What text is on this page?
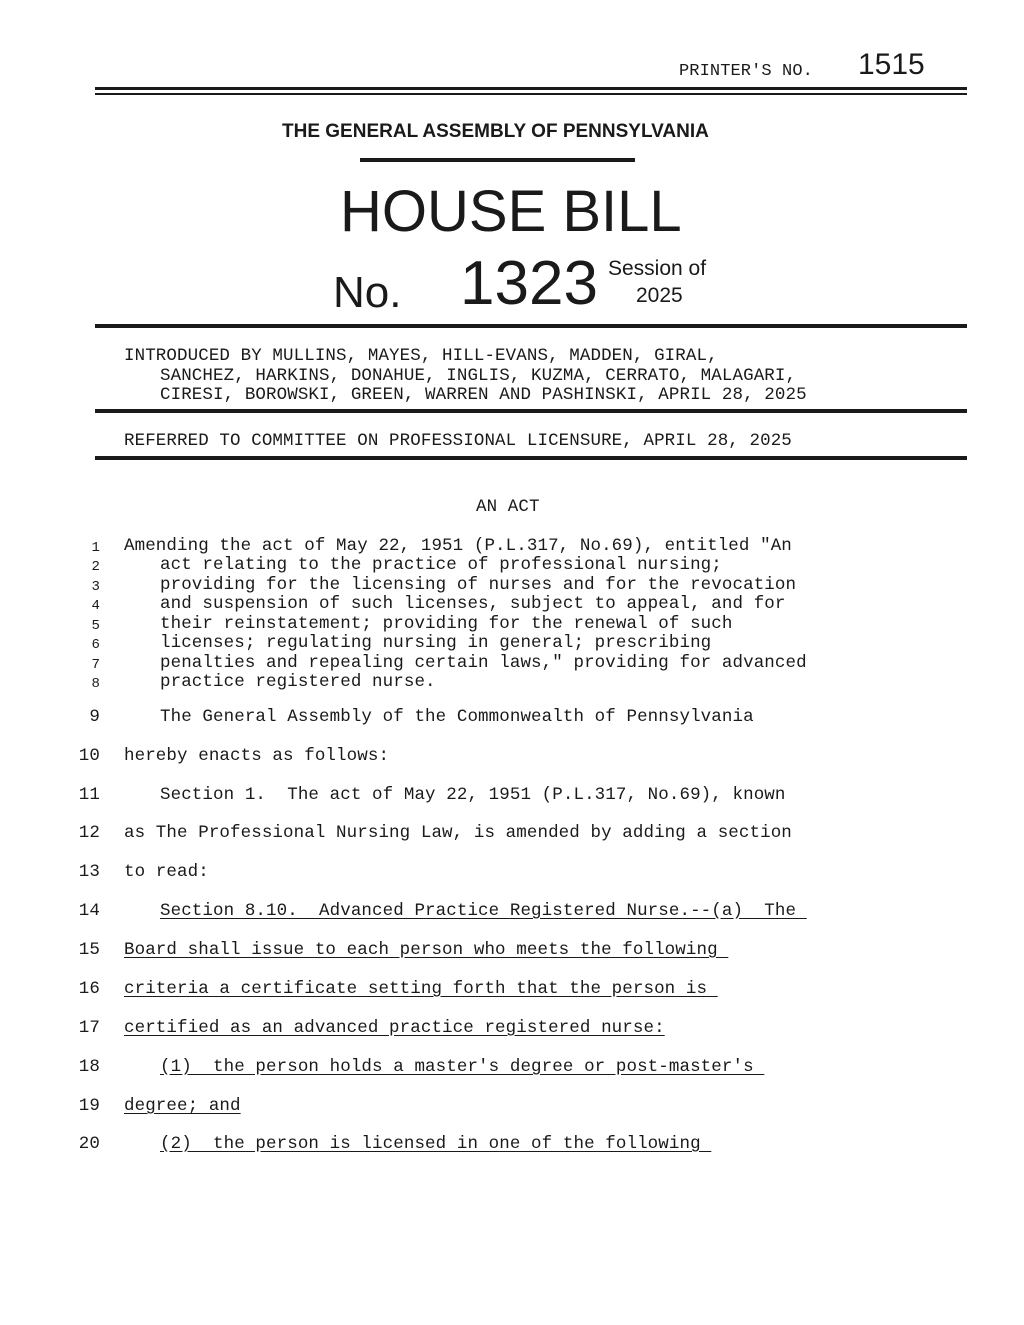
PRINTER'S NO. 1515
THE GENERAL ASSEMBLY OF PENNSYLVANIA
HOUSE BILL
No. 1323 Session of
2025
INTRODUCED BY MULLINS, MAYES, HILL-EVANS, MADDEN, GIRAL,
SANCHEZ, HARKINS, DONAHUE, INGLIS, KUZMA, CERRATO, MALAGARI,
CIRESI, BOROWSKI, GREEN, WARREN AND PASHINSKI, APRIL 28, 2025
REFERRED TO COMMITTEE ON PROFESSIONAL LICENSURE, APRIL 28, 2025
AN ACT
1 Amending the act of May 22, 1951 (P.L.317, No.69), entitled "An
2	act relating to the practice of professional nursing;
3	providing for the licensing of nurses and for the revocation
4	and suspension of such licenses, subject to appeal, and for
5	their reinstatement; providing for the renewal of such
6	licenses; regulating nursing in general; prescribing
7	penalties and repealing certain laws," providing for advanced
8	practice registered nurse.
9	The General Assembly of the Commonwealth of Pennsylvania
10 hereby enacts as follows:
11	Section 1.  The act of May 22, 1951 (P.L.317, No.69), known
12 as The Professional Nursing Law, is amended by adding a section
13 to read:
14	Section 8.10.  Advanced Practice Registered Nurse.--(a)  The
15 Board shall issue to each person who meets the following
16 criteria a certificate setting forth that the person is
17 certified as an advanced practice registered nurse:
18	(1)  the person holds a master's degree or post-master's
19 degree; and
20	(2)  the person is licensed in one of the following
